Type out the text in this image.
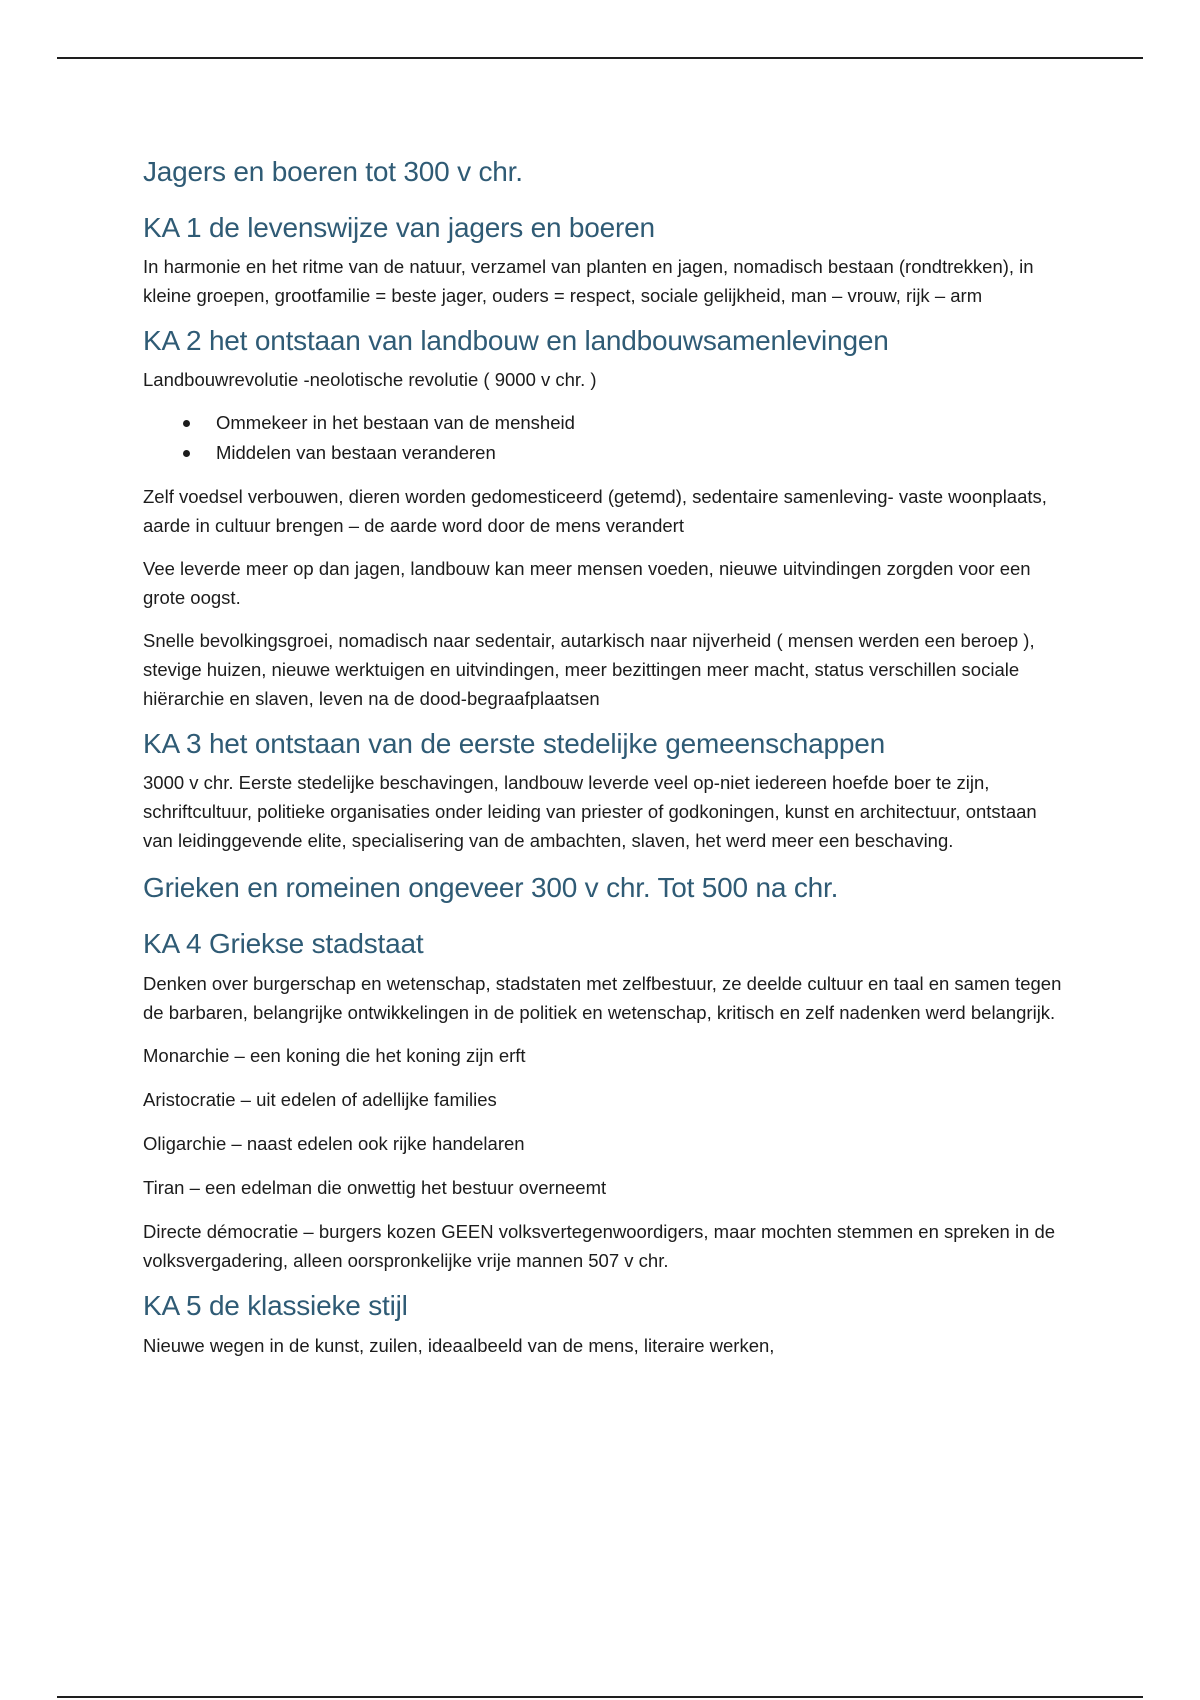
Jagers en boeren tot 300 v chr.
KA 1 de levenswijze van jagers en boeren

In harmonie en het ritme van de natuur, verzamel van planten en jagen, nomadisch bestaan (rondtrekken), in kleine groepen, grootfamilie = beste jager, ouders = respect, sociale gelijkheid, man – vrouw, rijk – arm

KA 2 het ontstaan van landbouw en landbouwsamenlevingen

Landbouwrevolutie -neolotische revolutie ( 9000 v chr. )

Ommekeer in het bestaan van de mensheid
Middelen van bestaan veranderen

Zelf voedsel verbouwen, dieren worden gedomesticeerd (getemd), sedentaire samenleving- vaste woonplaats, aarde in cultuur brengen – de aarde word door de mens verandert

Vee leverde meer op dan jagen, landbouw kan meer mensen voeden, nieuwe uitvindingen zorgden voor een grote oogst.

Snelle bevolkingsgroei, nomadisch naar sedentair, autarkisch naar nijverheid ( mensen werden een beroep ), stevige huizen, nieuwe werktuigen en uitvindingen, meer bezittingen meer macht, status verschillen sociale hiërarchie en slaven, leven na de dood-begraafplaatsen

KA 3 het ontstaan van de eerste stedelijke gemeenschappen

3000 v chr. Eerste stedelijke beschavingen, landbouw leverde veel op-niet iedereen hoefde boer te zijn, schriftcultuur, politieke organisaties onder leiding van priester of godkoningen, kunst en architectuur, ontstaan van leidinggevende elite, specialisering van de ambachten, slaven, het werd meer een beschaving.

Grieken en romeinen ongeveer 300 v chr. Tot 500 na chr.
KA 4 Griekse stadstaat

Denken over burgerschap en wetenschap, stadstaten met zelfbestuur, ze deelde cultuur en taal en samen tegen de barbaren, belangrijke ontwikkelingen in de politiek en wetenschap, kritisch en zelf nadenken werd belangrijk.

Monarchie – een koning die het koning zijn erft

Aristocratie – uit edelen of adellijke families

Oligarchie – naast edelen ook rijke handelaren

Tiran – een edelman die onwettig het bestuur overneemt

Directe démocratie – burgers kozen GEEN volksvertegenwoordigers, maar mochten stemmen en spreken in de volksvergadering, alleen oorspronkelijke vrije mannen 507 v chr.

KA 5 de klassieke stijl

Nieuwe wegen in de kunst, zuilen, ideaalbeeld van de mens, literaire werken,
